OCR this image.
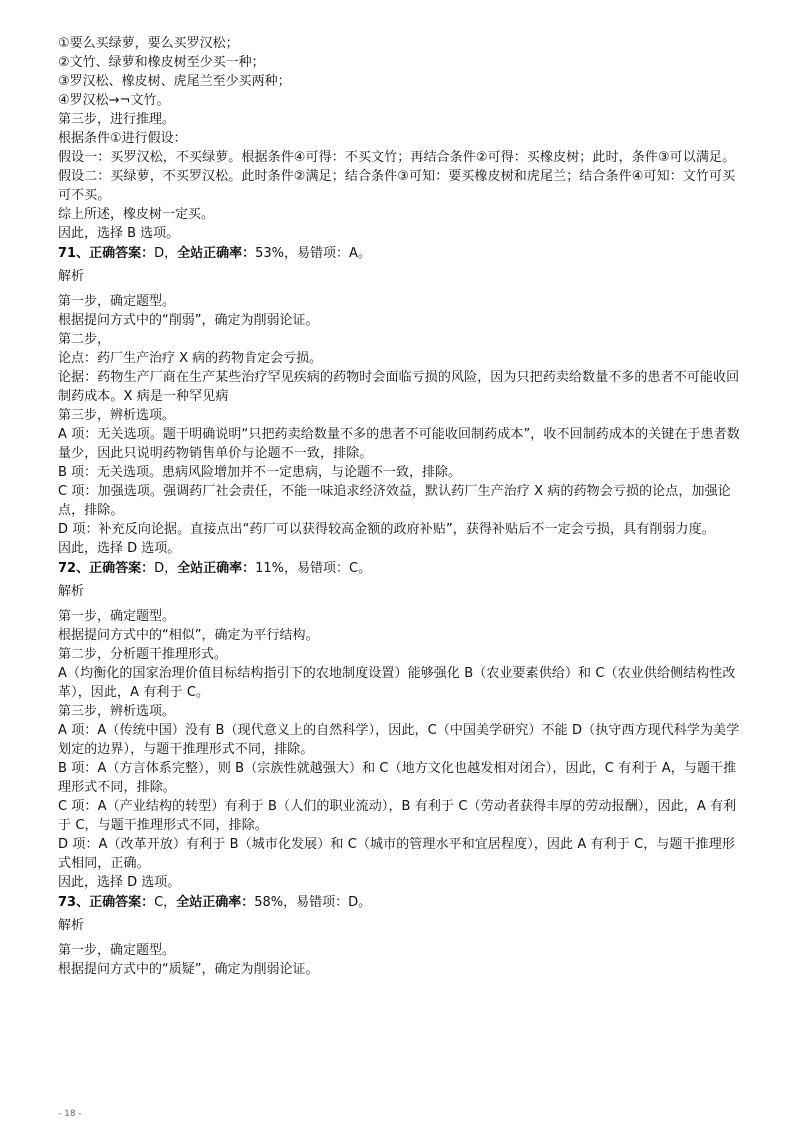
①要么买绿萝，要么买罗汉松；

②文竹、绿萝和橡皮树至少买一种；

③罗汉松、橡皮树、虎尾兰至少买两种；

④罗汉松→¬文竹。

第三步，进行推理。

根据条件①进行假设：

假设一：买罗汉松，不买绿萝。根据条件④可得：不买文竹；再结合条件②可得：买橡皮树；此时，条件③可以满足。

假设二：买绿萝，不买罗汉松。此时条件②满足；结合条件③可知：要买橡皮树和虎尾兰；结合条件④可知：文竹可买可不买。

综上所述，橡皮树一定买。

因此，选择 B 选项。

71、正确答案：D，全站正确率：53%，易错项：A。

解析

第一步，确定题型。

根据提问方式中的“削弱”，确定为削弱论证。

第二步，

论点：药厂生产治疗 X 病的药物肯定会亏损。

论据：药物生产厂商在生产某些治疗罕见疾病的药物时会面临亏损的风险，因为只把药卖给数量不多的患者不可能收回制药成本。X 病是一种罕见病

第三步，辨析选项。

A 项：无关选项。题干明确说明“只把药卖给数量不多的患者不可能收回制药成本”，收不回制药成本的关键在于患者数量少，因此只说明药物销售单价与论题不一致，排除。

B 项：无关选项。患病风险增加并不一定患病，与论题不一致，排除。

C 项：加强选项。强调药厂社会责任，不能一味追求经济效益，默认药厂生产治疗 X 病的药物会亏损的论点，加强论点，排除。

D 项：补充反向论据。直接点出“药厂可以获得较高金额的政府补贴”，获得补贴后不一定会亏损，具有削弱力度。

因此，选择 D 选项。

72、正确答案：D，全站正确率：11%，易错项：C。

解析

第一步，确定题型。

根据提问方式中的“相似”，确定为平行结构。

第二步，分析题干推理形式。

A（均衡化的国家治理价值目标结构指引下的农地制度设置）能够强化 B（农业要素供给）和 C（农业供给侧结构性改革），因此，A 有利于 C。

第三步，辨析选项。

A 项：A（传统中国）没有 B（现代意义上的自然科学），因此，C（中国美学研究）不能 D（执守西方现代科学为美学划定的边界），与题干推理形式不同，排除。

B 项：A（方言体系完整），则 B（宗族性就越强大）和 C（地方文化也越发相对闭合），因此，C 有利于 A，与题干推理形式不同，排除。

C 项：A（产业结构的转型）有利于 B（人们的职业流动），B 有利于 C（劳动者获得丰厚的劳动报酬），因此，A 有利于 C，与题干推理形式不同，排除。

D 项：A（改革开放）有利于 B（城市化发展）和 C（城市的管理水平和宜居程度），因此 A 有利于 C，与题干推理形式相同，正确。

因此，选择 D 选项。

73、正确答案：C，全站正确率：58%，易错项：D。

解析

第一步，确定题型。

根据提问方式中的“质疑”，确定为削弱论证。

- 18 -
